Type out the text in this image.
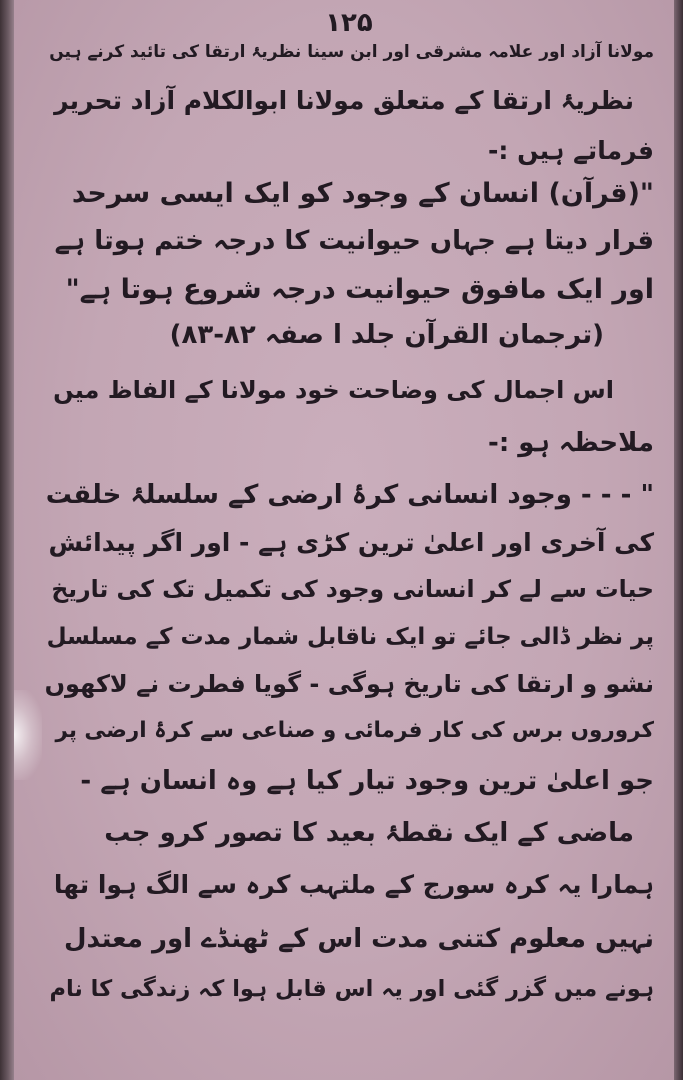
۱۲۵
مولانا آزاد اور علامہ مشرقی اور ابن سینا نظریۂ ارتقا کی تائید کرنے ہیں
نظریۂ ارتقا کے متعلق مولانا ابوالکلام آزاد تحریر
فرماتے ہیں :-
"(قرآن) انسان کے وجود کو ایک ایسی سرحد
قرار دیتا ہے جہاں حیوانیت کا درجہ ختم ہوتا ہے
اور ایک مافوق حیوانیت درجہ شروع ہوتا ہے"
(ترجمان القرآن جلد ا صفہ ۸۲-۸۳)
اس اجمال کی وضاحت خود مولانا کے الفاظ میں
ملاحظہ ہو :-
" - - - وجود انسانی کرۂ ارضی کے سلسلۂ خلقت
کی آخری اور اعلیٰ ترین کڑی ہے - اور اگر پیدائش
حیات سے لے کر انسانی وجود کی تکمیل تک کی تاریخ
پر نظر ڈالی جائے تو ایک ناقابل شمار مدت کے مسلسل
نشو و ارتقا کی تاریخ ہوگی - گویا فطرت نے لاکھوں
کروروں برس کی کار فرمائی و صناعی سے کرۂ ارضی پر
جو اعلیٰ ترین وجود تیار کیا ہے وہ انسان ہے -
ماضی کے ایک نقطۂ بعید کا تصور کرو جب
ہمارا یہ کرہ سورج کے ملتہب کرہ سے الگ ہوا تھا
نہیں معلوم کتنی مدت اس کے ٹھنڈے اور معتدل
ہونے میں گزر گئی اور یہ اس قابل ہوا کہ زندگی کا نام
